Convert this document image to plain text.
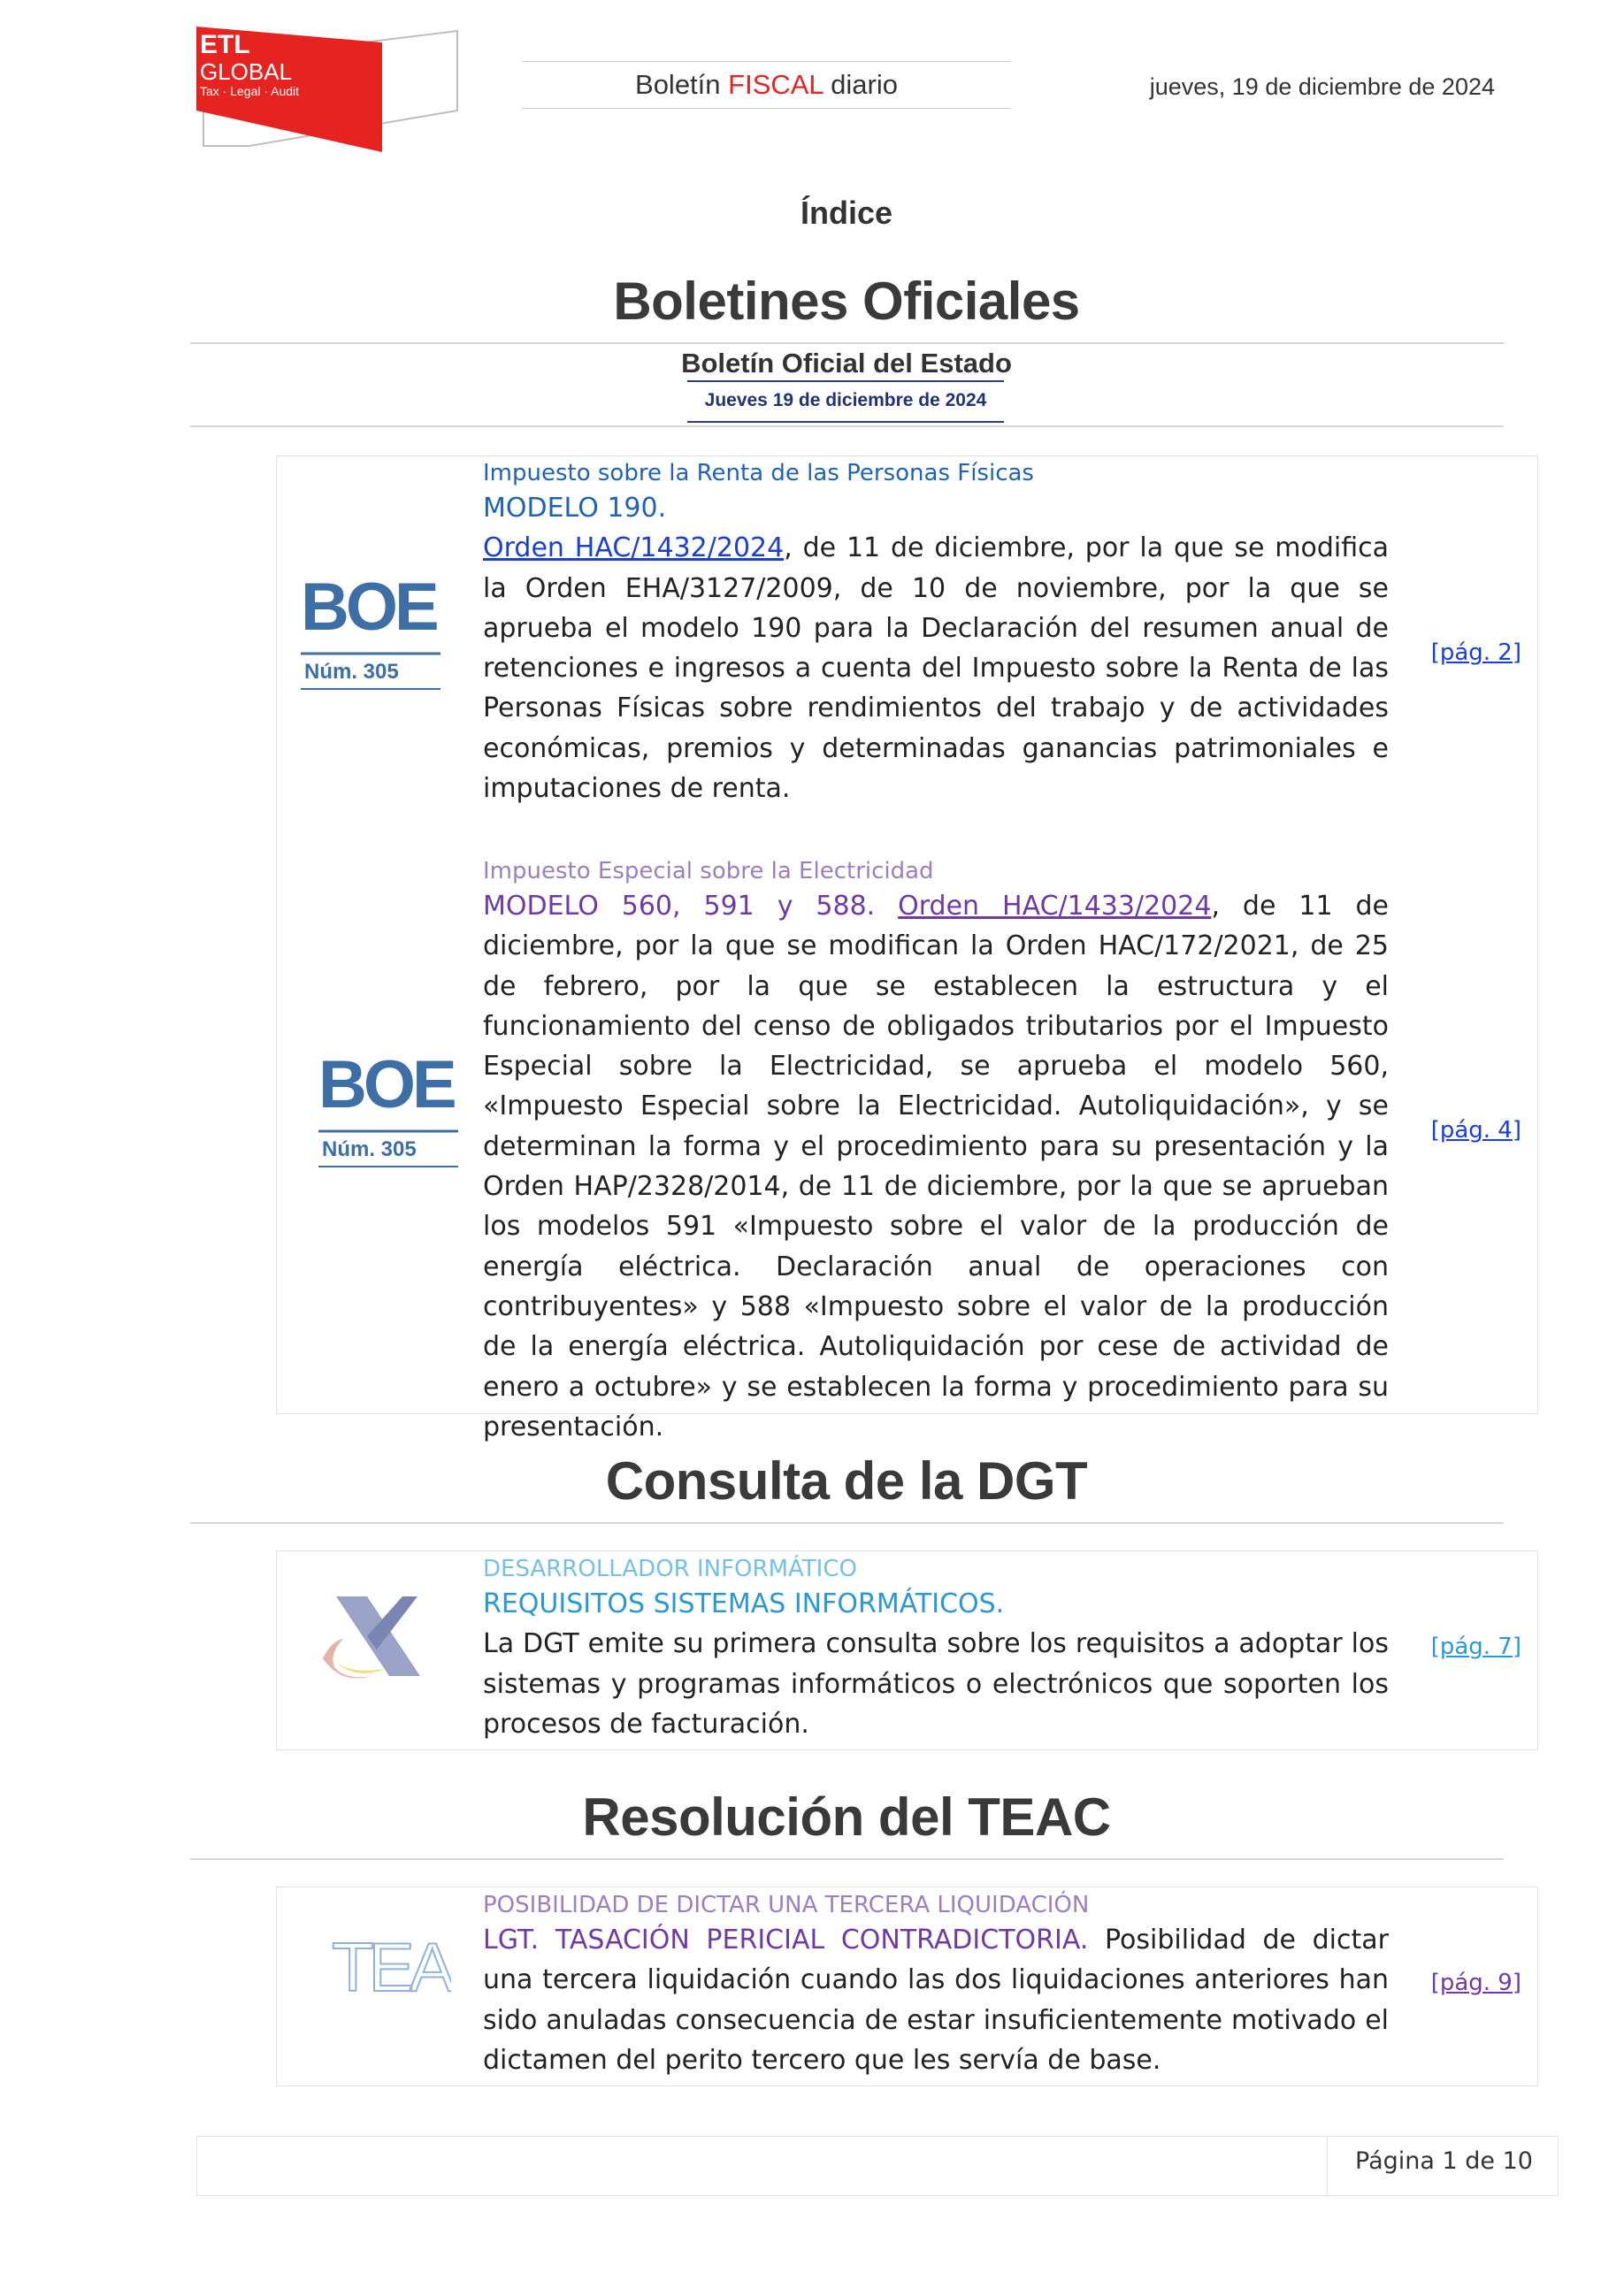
ETL
GLOBAL
Tax · Legal · Audit	Boletín FISCAL diario	jueves, 19 de diciembre de 2024
Índice
Boletines Oficiales
Boletín Oficial del Estado
Jueves 19 de diciembre de 2024
BOE
Núm. 305
Impuesto sobre la Renta de las Personas Físicas
MODELO 190.
Orden HAC/1432/2024, de 11 de diciembre, por la que se modifica la Orden EHA/3127/2009, de 10 de noviembre, por la que se aprueba el modelo 190 para la Declaración del resumen anual de retenciones e ingresos a cuenta del Impuesto sobre la Renta de las Personas Físicas sobre rendimientos del trabajo y de actividades económicas, premios y determinadas ganancias patrimoniales e imputaciones de renta.
[pág. 2]
BOE
Núm. 305
Impuesto Especial sobre la Electricidad
MODELO 560, 591 y 588. Orden HAC/1433/2024, de 11 de diciembre, por la que se modifican la Orden HAC/172/2021, de 25 de febrero, por la que se establecen la estructura y el funcionamiento del censo de obligados tributarios por el Impuesto Especial sobre la Electricidad, se aprueba el modelo 560, «Impuesto Especial sobre la Electricidad. Autoliquidación», y se determinan la forma y el procedimiento para su presentación y la Orden HAP/2328/2014, de 11 de diciembre, por la que se aprueban los modelos 591 «Impuesto sobre el valor de la producción de energía eléctrica. Declaración anual de operaciones con contribuyentes» y 588 «Impuesto sobre el valor de la producción de la energía eléctrica. Autoliquidación por cese de actividad de enero a octubre» y se establecen la forma y procedimiento para su presentación.
[pág. 4]
Consulta de la DGT
DESARROLLADOR INFORMÁTICO
REQUISITOS SISTEMAS INFORMÁTICOS.
La DGT emite su primera consulta sobre los requisitos a adoptar los sistemas y programas informáticos o electrónicos que soporten los procesos de facturación.
[pág. 7]
Resolución del TEAC
TEA
POSIBILIDAD DE DICTAR UNA TERCERA LIQUIDACIÓN
LGT. TASACIÓN PERICIAL CONTRADICTORIA. Posibilidad de dictar una tercera liquidación cuando las dos liquidaciones anteriores han sido anuladas consecuencia de estar insuficientemente motivado el dictamen del perito tercero que les servía de base.
[pág. 9]
Página 1 de 10
